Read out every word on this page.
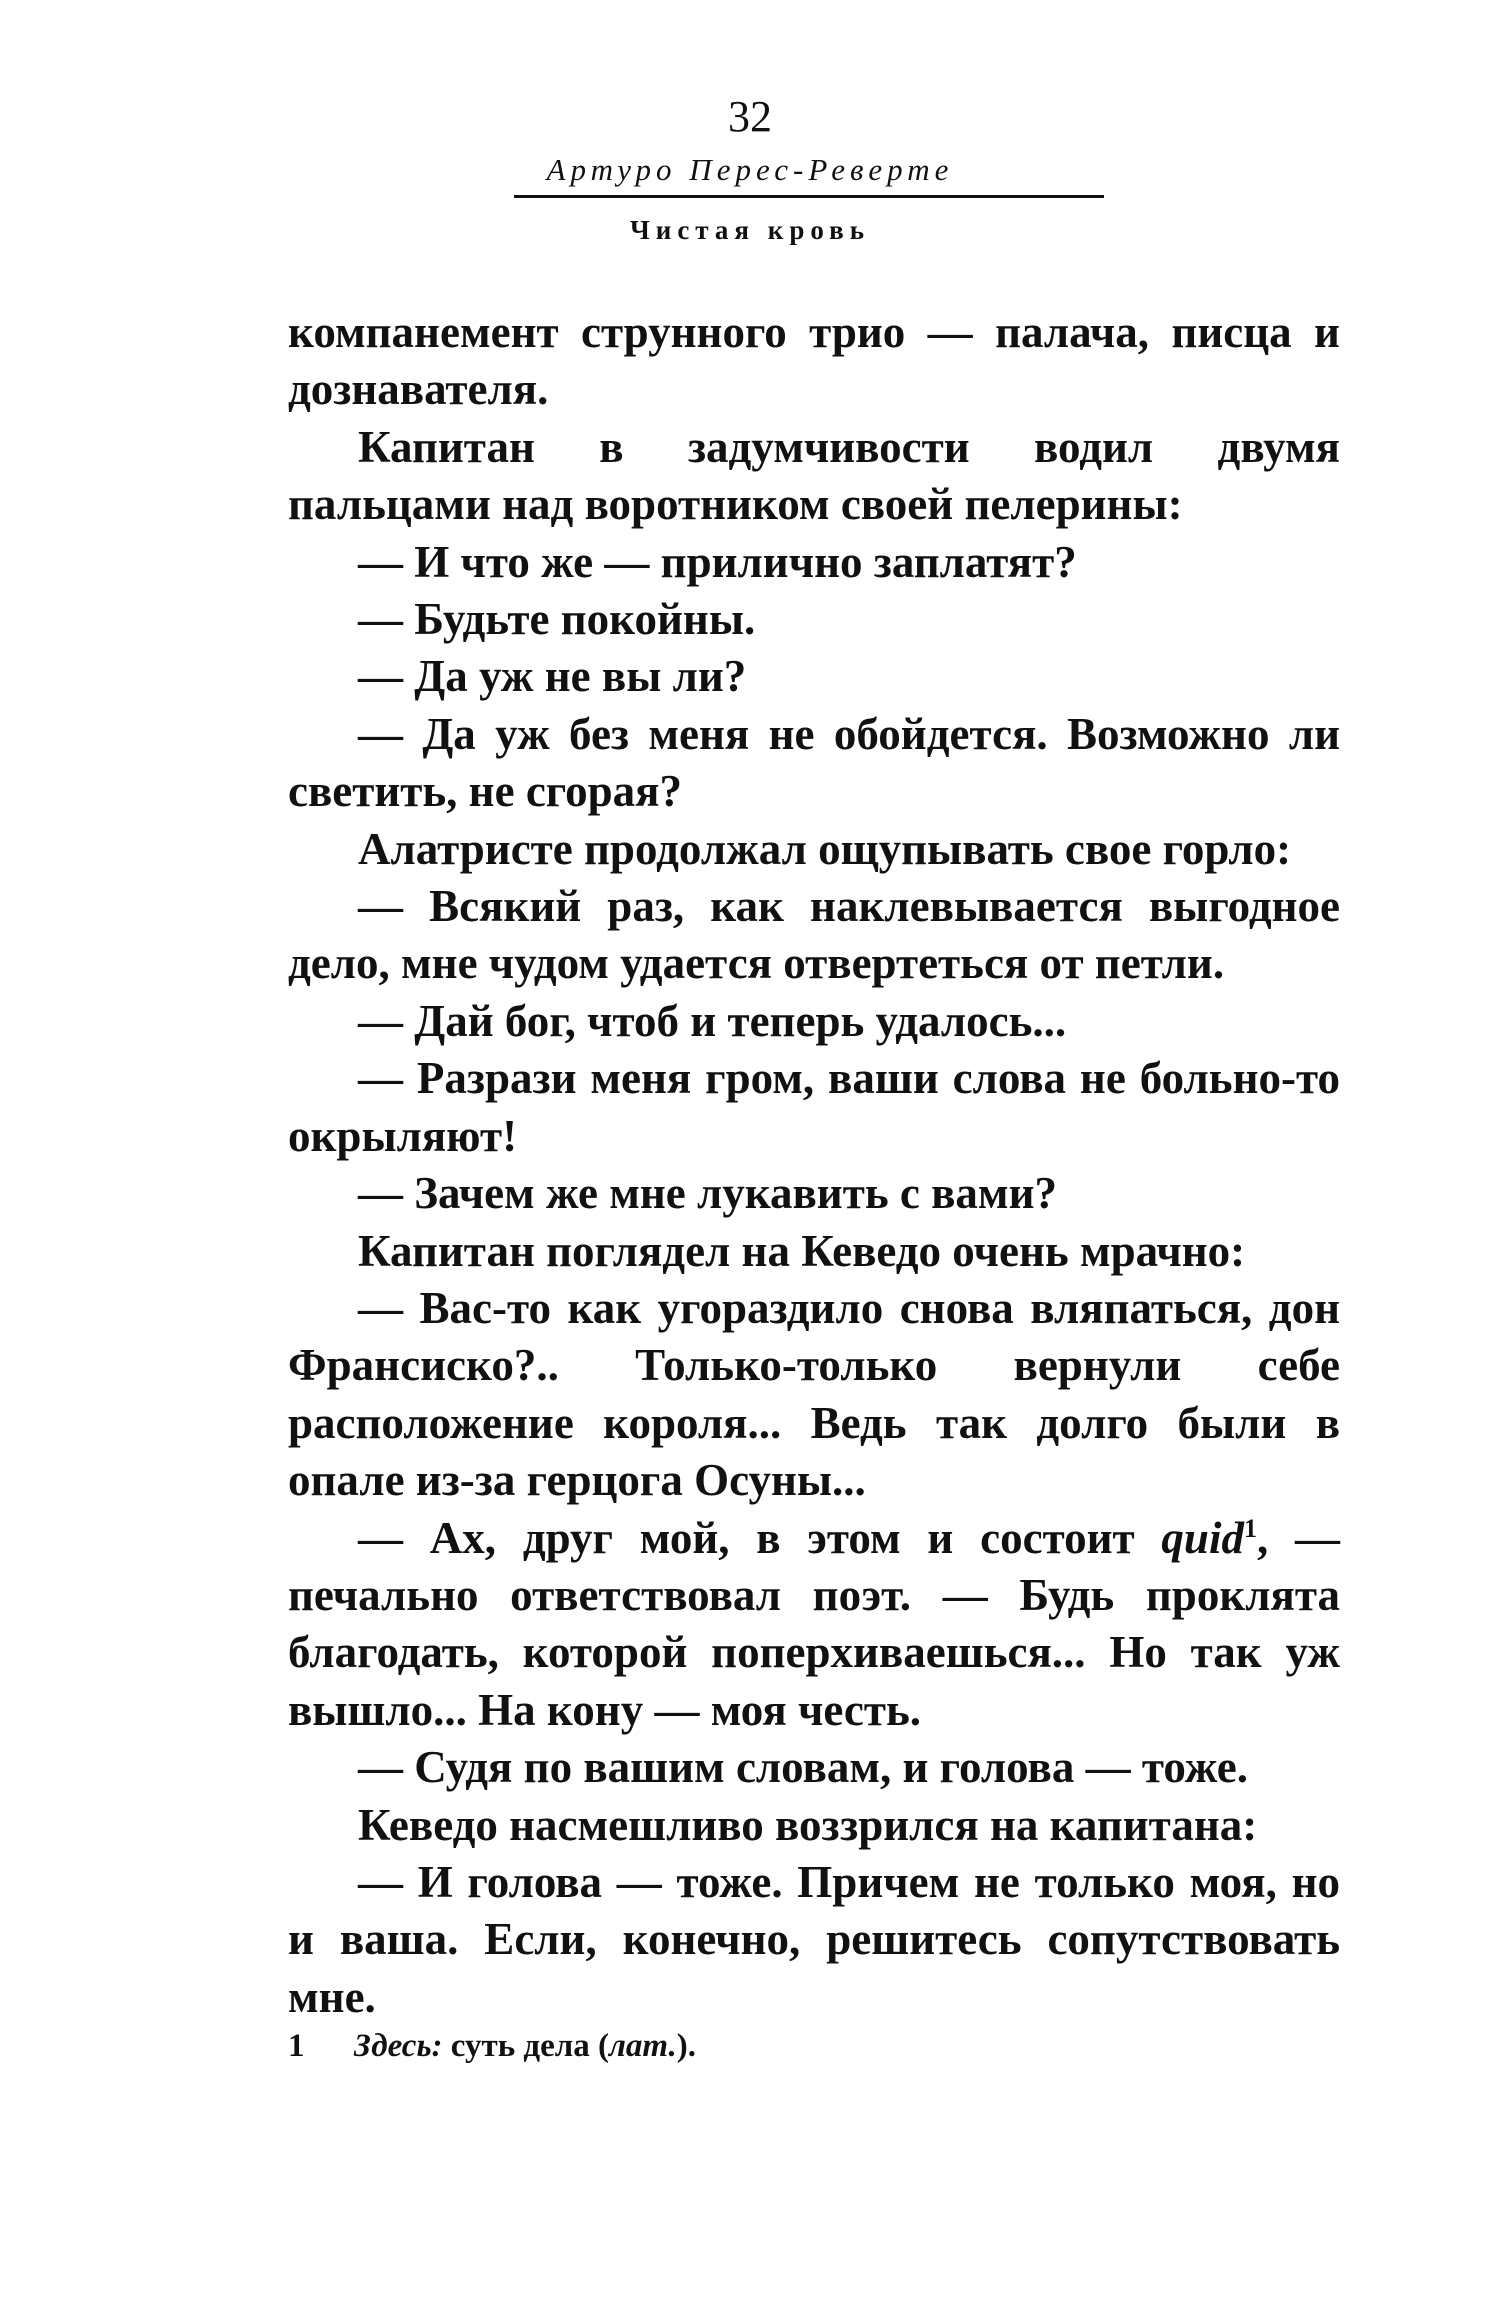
32
Артуро Перес-Реверте
Чистая кровь

компанемент струнного трио — палача, писца и дознавателя.

Капитан в задумчивости водил двумя пальцами над воротником своей пелерины:

— И что же — прилично заплатят?

— Будьте покойны.

— Да уж не вы ли?

— Да уж без меня не обойдется. Возможно ли светить, не сгорая?

Алатристе продолжал ощупывать свое горло:

— Всякий раз, как наклевывается выгодное дело, мне чудом удается отвертеться от петли.

— Дай бог, чтоб и теперь удалось...

— Разрази меня гром, ваши слова не больно-то окрыляют!

— Зачем же мне лукавить с вами?

Капитан поглядел на Кеведо очень мрачно:

— Вас-то как угораздило снова вляпаться, дон Франсиско?.. Только-только вернули себе расположение короля... Ведь так долго были в опале из-за герцога Осуны...

— Ах, друг мой, в этом и состоит quid$^1$, — печально ответствовал поэт. — Будь проклята благодать, которой поперхиваешься... Но так уж вышло... На кону — моя честь.

— Судя по вашим словам, и голова — тоже.

Кеведо насмешливо воззрился на капитана:

— И голова — тоже. Причем не только моя, но и ваша. Если, конечно, решитесь сопутствовать мне.

1 Здесь: суть дела (лат.).
